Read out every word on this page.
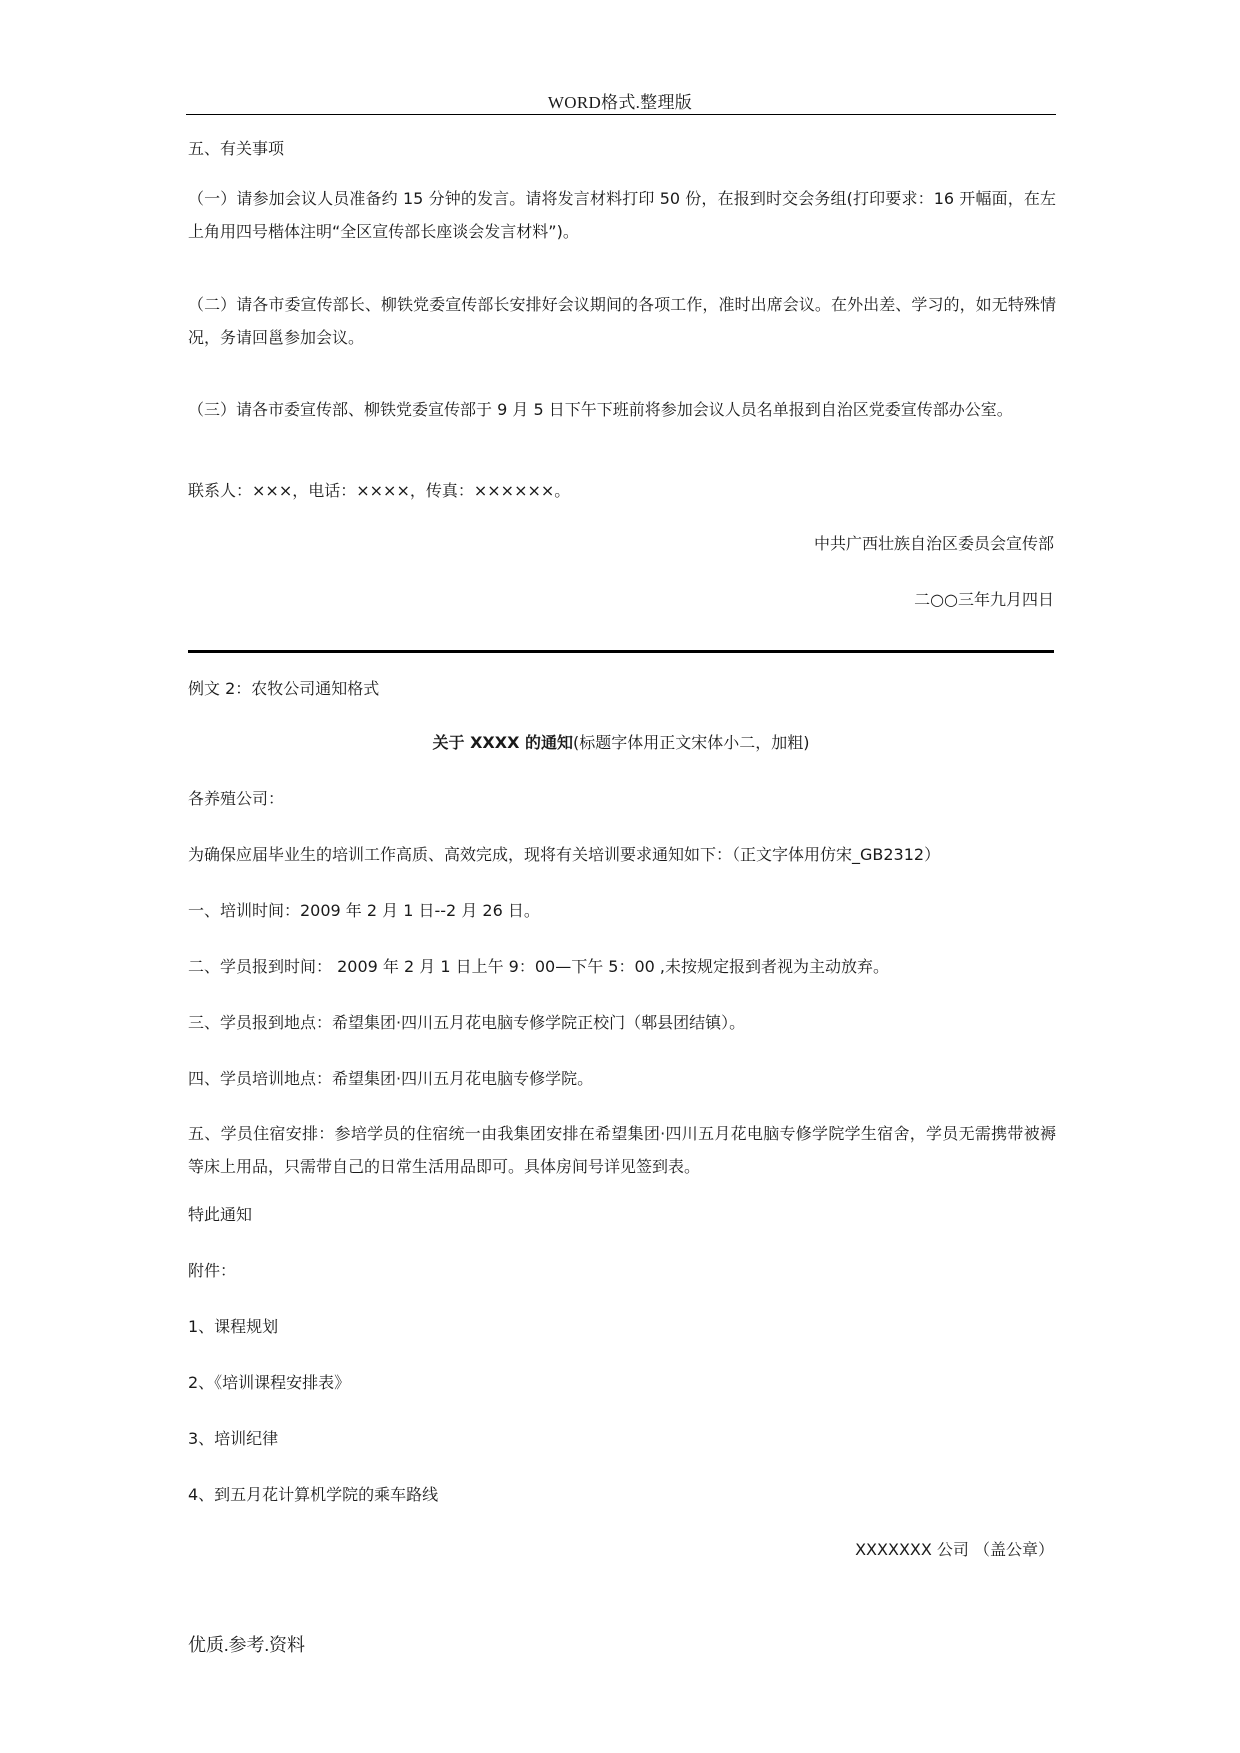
WORD格式.整理版
五、有关事项
（一）请参加会议人员准备约 15 分钟的发言。请将发言材料打印 50 份，在报到时交会务组(打印要求：16 开幅面，在左上角用四号楷体注明“全区宣传部长座谈会发言材料”)。
（二）请各市委宣传部长、柳铁党委宣传部长安排好会议期间的各项工作，准时出席会议。在外出差、学习的，如无特殊情况，务请回邕参加会议。
（三）请各市委宣传部、柳铁党委宣传部于 9 月 5 日下午下班前将参加会议人员名单报到自治区党委宣传部办公室。
联系人：×××，电话：××××，传真：××××××。
中共广西壮族自治区委员会宣传部
二○○三年九月四日
例文 2：农牧公司通知格式
关于 XXXX 的通知(标题字体用正文宋体小二，加粗)
各养殖公司：
为确保应届毕业生的培训工作高质、高效完成，现将有关培训要求通知如下：（正文字体用仿宋_GB2312）
一、培训时间：2009 年 2 月 1 日--2 月 26 日。
二、学员报到时间： 2009 年 2 月 1 日上午 9：00—下午 5：00 ,未按规定报到者视为主动放弃。
三、学员报到地点：希望集团·四川五月花电脑专修学院正校门（郫县团结镇）。
四、学员培训地点：希望集团·四川五月花电脑专修学院。
五、学员住宿安排：参培学员的住宿统一由我集团安排在希望集团·四川五月花电脑专修学院学生宿舍，学员无需携带被褥等床上用品，只需带自己的日常生活用品即可。具体房间号详见签到表。
特此通知
附件：
1、课程规划
2、《培训课程安排表》
3、培训纪律
4、到五月花计算机学院的乘车路线
XXXXXXX 公司 （盖公章）
优质.参考.资料
